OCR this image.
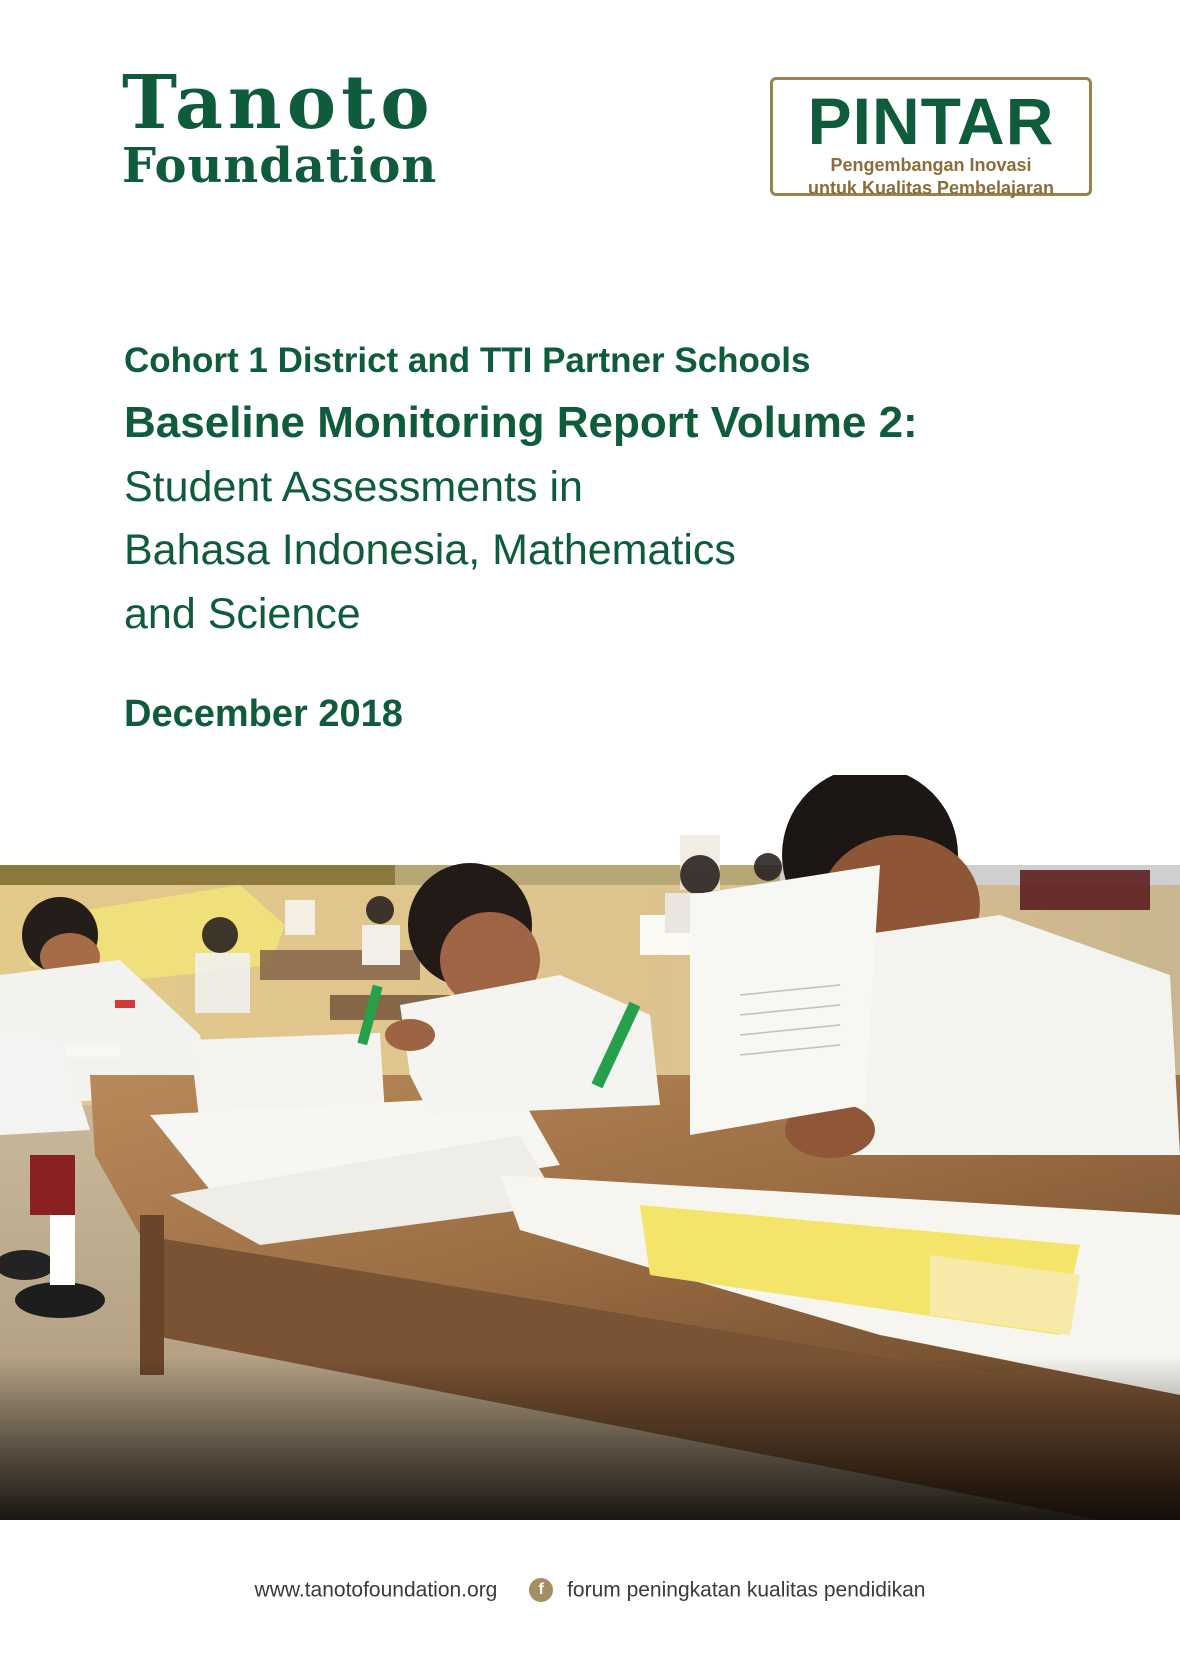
Tanoto
Foundation
PINTAR
Pengembangan Inovasi
untuk Kualitas Pembelajaran
Cohort 1 District and TTI Partner Schools
Baseline Monitoring Report Volume 2:
Student Assessments in
Bahasa Indonesia, Mathematics
and Science
December 2018
www.tanotofoundation.org	f forum peningkatan kualitas pendidikan
